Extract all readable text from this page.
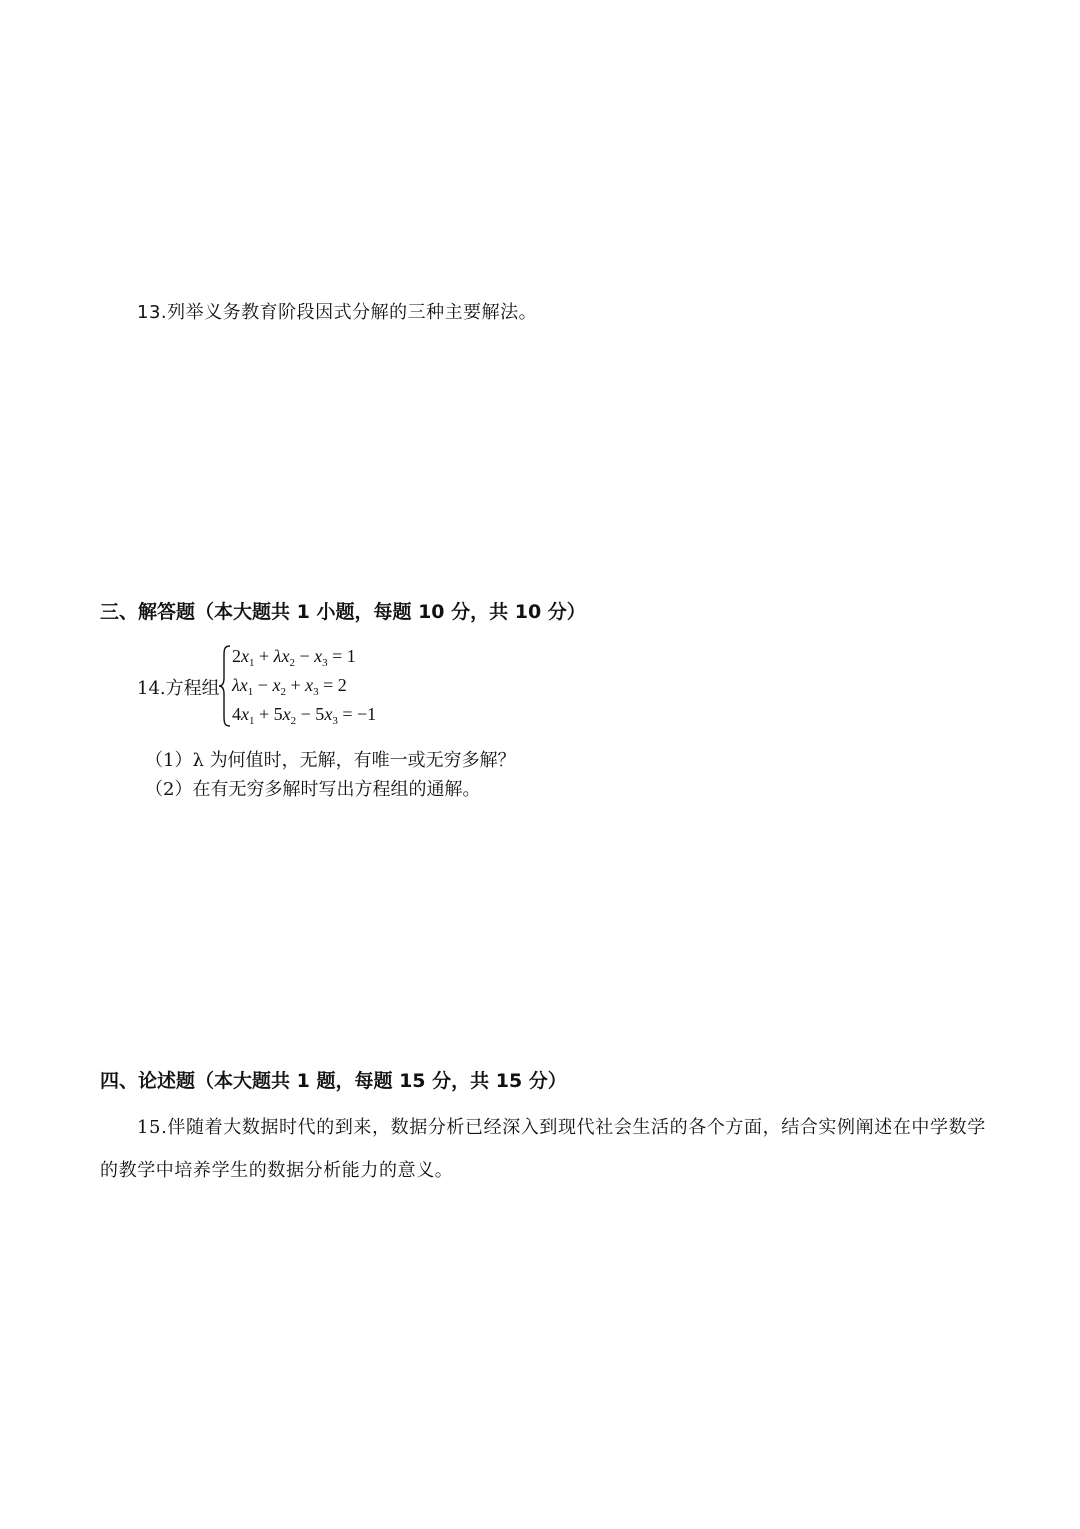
13.列举义务教育阶段因式分解的三种主要解法。
三、解答题（本大题共 1 小题，每题 10 分，共 10 分）
14.方程组
$2x_1 + \lambda x_2 - x_3 = 1$
$\lambda x_1 - x_2 + x_3 = 2$
$4x_1 + 5x_2 - 5x_3 = -1$
（1）λ 为何值时，无解，有唯一或无穷多解？
（2）在有无穷多解时写出方程组的通解。
四、论述题（本大题共 1 题，每题 15 分，共 15 分）
15.伴随着大数据时代的到来，数据分析已经深入到现代社会生活的各个方面，结合实例阐述在中学数学的教学中培养学生的数据分析能力的意义。
